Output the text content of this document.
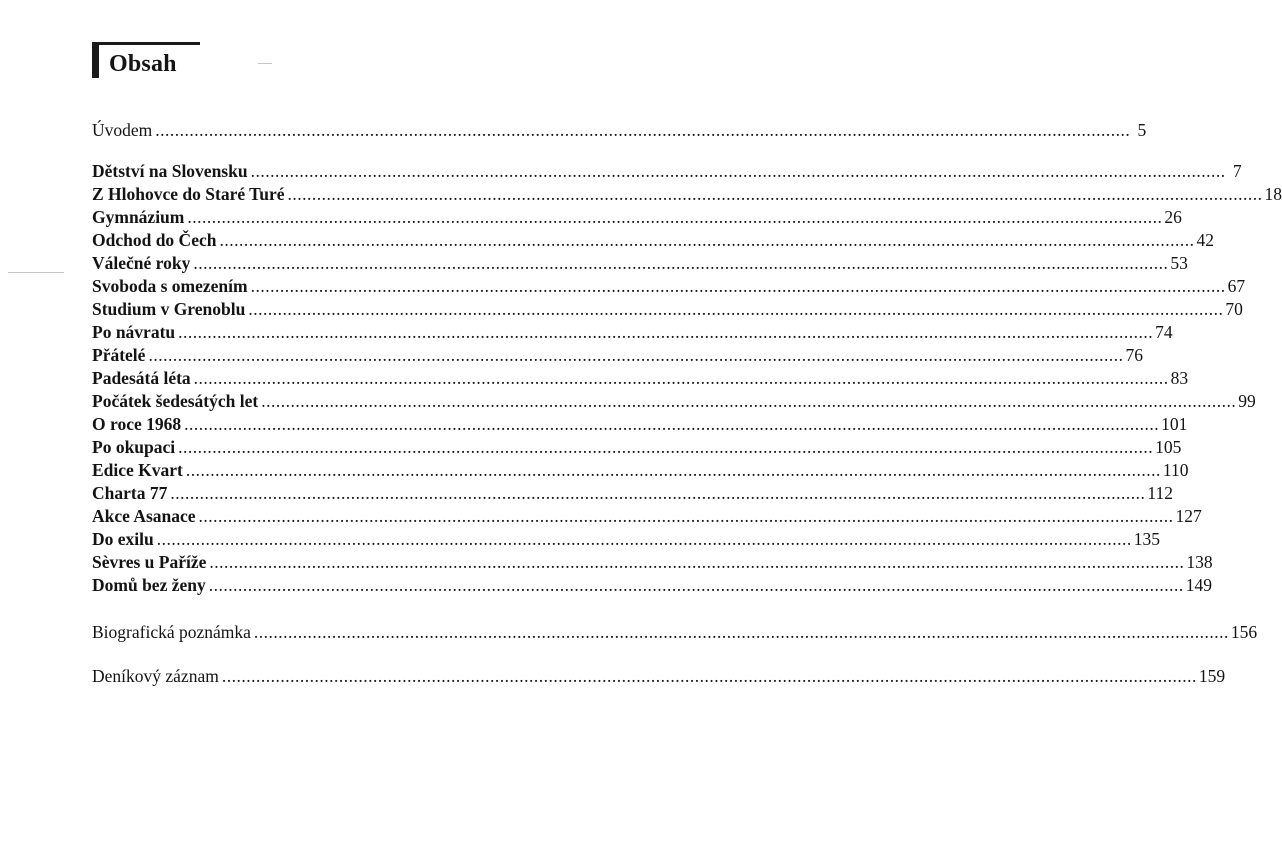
Obsah
Úvodem ........................................................................................................................................................................................................ 5
Dětství na Slovensku ........................................................................................................................................................................................................ 7
Z Hlohovce do Staré Turé ........................................................................................................................................................................................................ 18
Gymnázium ........................................................................................................................................................................................................ 26
Odchod do Čech ........................................................................................................................................................................................................ 42
Válečné roky ........................................................................................................................................................................................................ 53
Svoboda s omezením ........................................................................................................................................................................................................ 67
Studium v Grenoblu ........................................................................................................................................................................................................ 70
Po návratu ........................................................................................................................................................................................................ 74
Přátelé ........................................................................................................................................................................................................ 76
Padesátá léta ........................................................................................................................................................................................................ 83
Počátek šedesátých let ........................................................................................................................................................................................................ 99
O roce 1968 ........................................................................................................................................................................................................ 101
Po okupaci ........................................................................................................................................................................................................ 105
Edice Kvart ........................................................................................................................................................................................................ 110
Charta 77 ........................................................................................................................................................................................................ 112
Akce Asanace ........................................................................................................................................................................................................ 127
Do exilu ........................................................................................................................................................................................................ 135
Sèvres u Paříže ........................................................................................................................................................................................................ 138
Domů bez ženy ........................................................................................................................................................................................................ 149
Biografická poznámka ........................................................................................................................................................................................................ 156
Deníkový záznam ........................................................................................................................................................................................................ 159
